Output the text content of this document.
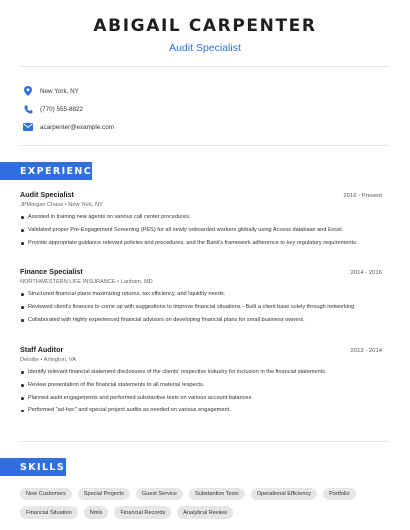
ABIGAIL CARPENTER
Audit Specialist
New York, NY
(770) 555-8822
acarpenter@example.com
EXPERIENCE
Audit Specialist	2016 - Present
JPMorgan Chase • New York, NY
Assisted in training new agents on various call center procedures.
Validated proper Pre-Engagement Screening (PES) for all newly onboarded workers globally using Access database and Excel.
Provide appropriate guidance relevant policies and procedures, and the Bank's framework adherence to key regulatory requirements.
Finance Specialist	2014 - 2016
NORTHWESTERN LIFE INSURANCE • Lanham, MD
Structured financial plans maximizing returns, tax efficiency, and liquidity needs.
Reviewed client's finances to come up with suggestions to improve financial situations - Built a client base solely through networking
Collaborated with highly experienced financial advisors on developing financial plans for small business owners.
Staff Auditor	2013 - 2014
Deloitte • Arlington, VA
Identify relevant financial statement disclosures of the clients' respective industry for inclusion in the financial statements.
Review presentation of the financial statements to all material respects.
Planned audit engagements and performed substantive tests on various account balances.
Performed "ad-hoc" and special project audits as needed on various engagement.
SKILLS
New Customers	Special Projects	Guest Service	Substantive Tests	Operational Efficiency	Portfolio
Financial Situation	Nmls	Financial Records	Analytical Review
